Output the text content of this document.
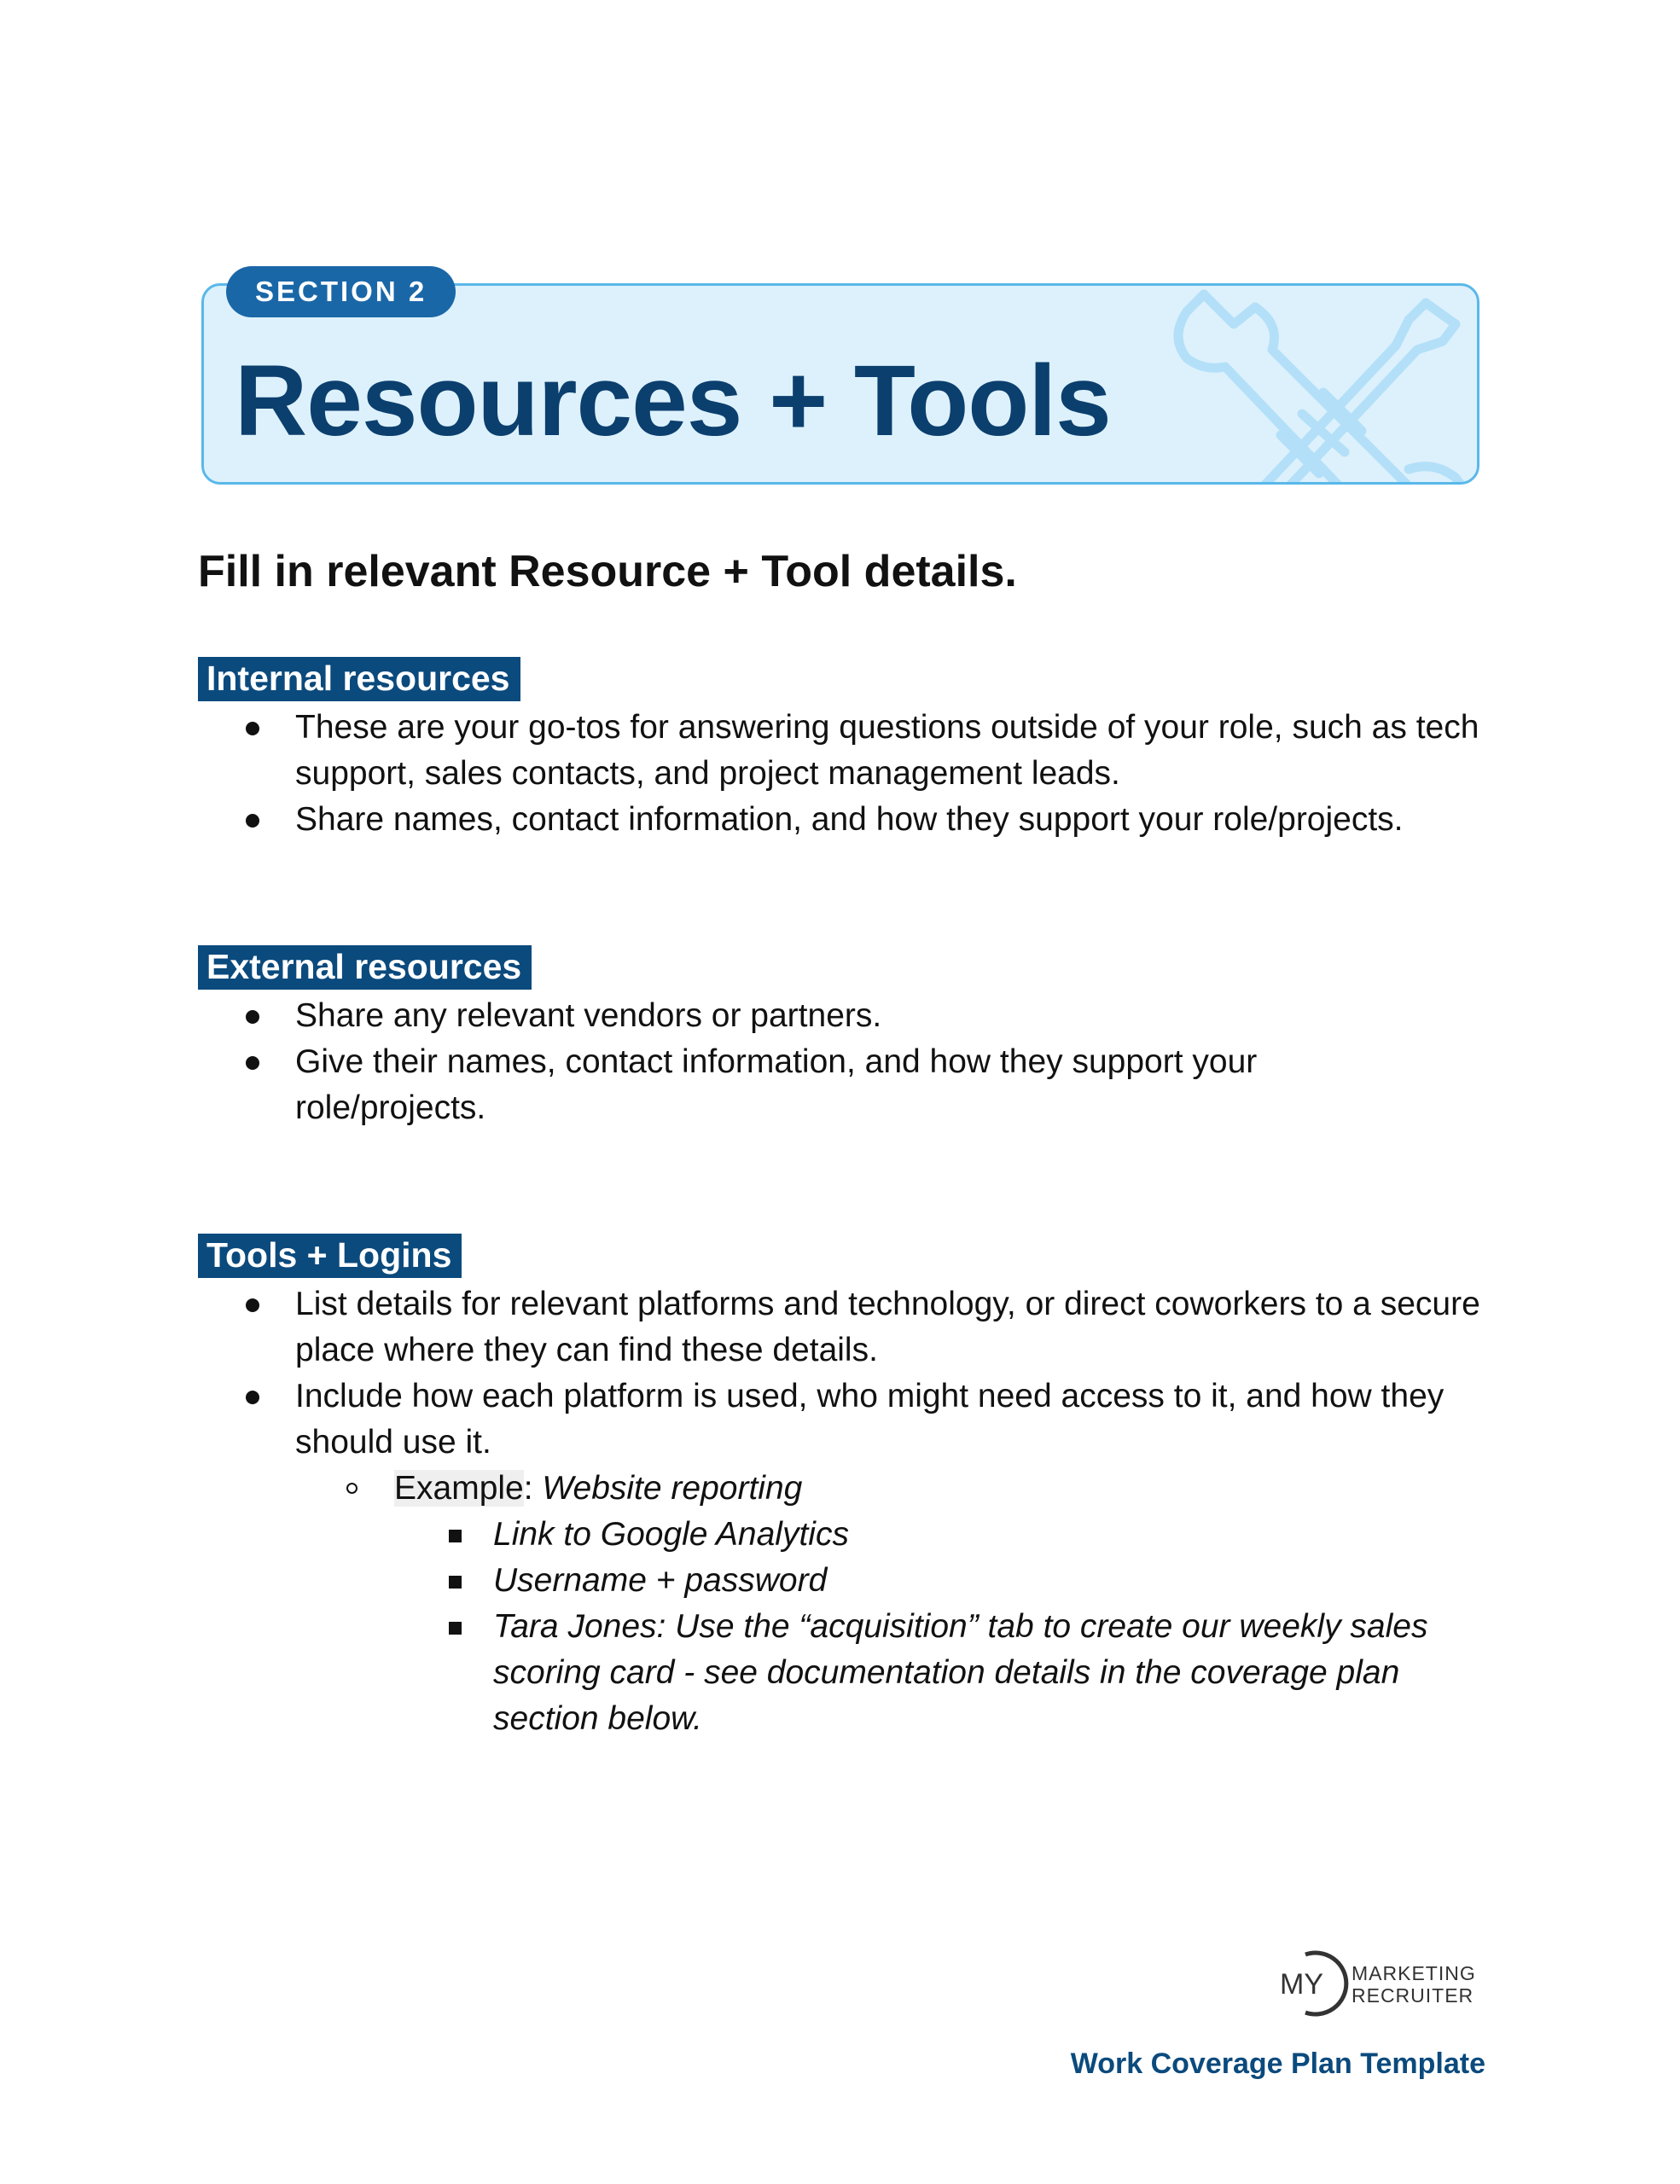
SECTION 2
Resources + Tools
Fill in relevant Resource + Tool details.
Internal resources
These are your go-tos for answering questions outside of your role, such as tech support, sales contacts, and project management leads.
Share names, contact information, and how they support your role/projects.
External resources
Share any relevant vendors or partners.
Give their names, contact information, and how they support your role/projects.
Tools + Logins
List details for relevant platforms and technology, or direct coworkers to a secure place where they can find these details.
Include how each platform is used, who might need access to it, and how they should use it.
Example: Website reporting
Link to Google Analytics
Username + password
Tara Jones: Use the “acquisition” tab to create our weekly sales scoring card - see documentation details in the coverage plan section below.
MY MARKETING
RECRUITER
Work Coverage Plan Template
